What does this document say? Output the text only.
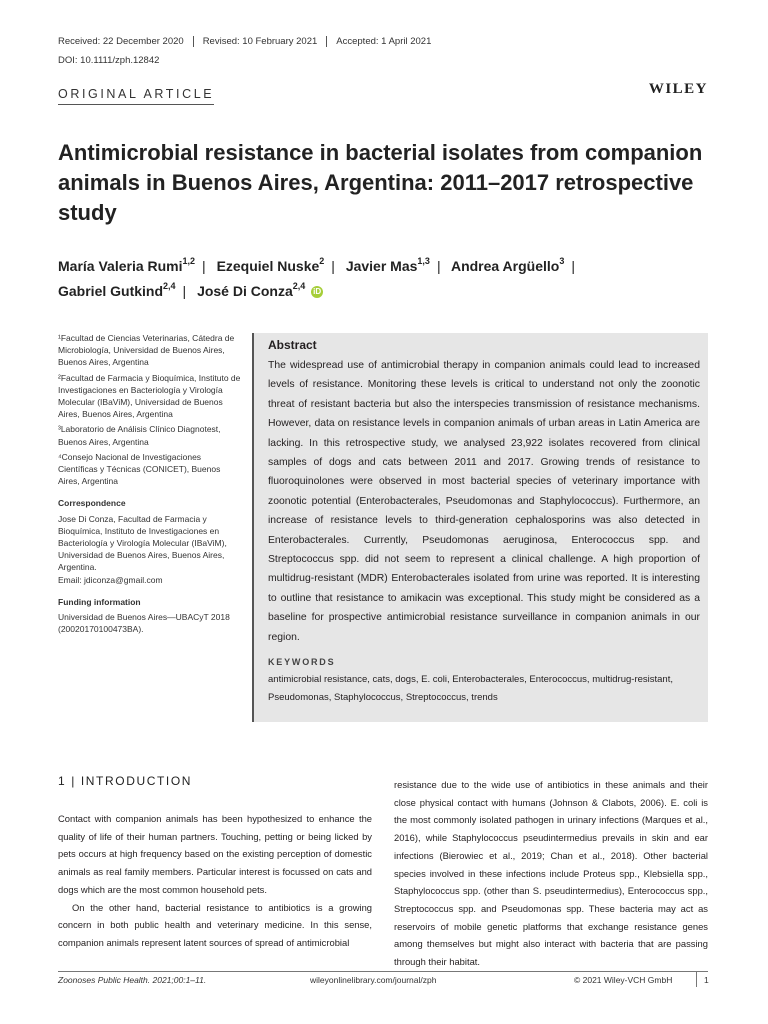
Received: 22 December 2020	Revised: 10 February 2021	Accepted: 1 April 2021
DOI: 10.1111/zph.12842
ORIGINAL ARTICLE	WILEY
Antimicrobial resistance in bacterial isolates from companion animals in Buenos Aires, Argentina: 2011–2017 retrospective study
María Valeria Rumi$^{1,2}$ | Ezequiel Nuske$^2$ | Javier Mas$^{1,3}$ | Andrea Argüello$^3$ |
Gabriel Gutkind$^{2,4}$ | José Di Conza$^{2,4}$ iD

¹Facultad de Ciencias Veterinarias, Cátedra de Microbiología, Universidad de Buenos Aires, Buenos Aires, Argentina

²Facultad de Farmacia y Bioquímica, Instituto de Investigaciones en Bacteriología y Virología Molecular (IBaViM), Universidad de Buenos Aires, Buenos Aires, Argentina

³Laboratorio de Análisis Clínico Diagnotest, Buenos Aires, Argentina

⁴Consejo Nacional de Investigaciones Científicas y Técnicas (CONICET), Buenos Aires, Argentina

Correspondence

Jose Di Conza, Facultad de Farmacia y Bioquímica, Instituto de Investigaciones en Bacteriología y Virología Molecular (IBaViM), Universidad de Buenos Aires, Buenos Aires, Argentina.

Email: jdiconza@gmail.com

Funding information

Universidad de Buenos Aires—UBACyT 2018 (20020170100473BA).

Abstract
The widespread use of antimicrobial therapy in companion animals could lead to increased levels of resistance. Monitoring these levels is critical to understand not only the zoonotic threat of resistant bacteria but also the interspecies transmission of resistance mechanisms. However, data on resistance levels in companion animals of urban areas in Latin America are lacking. In this retrospective study, we analysed 23,922 isolates recovered from clinical samples of dogs and cats between 2011 and 2017. Growing trends of resistance to fluoroquinolones were observed in most bacterial species of veterinary importance with zoonotic potential (Enterobacterales, Pseudomonas and Staphylococcus). Furthermore, an increase of resistance levels to third-generation cephalosporins was also detected in Enterobacterales. Currently, Pseudomonas aeruginosa, Enterococcus spp. and Streptococcus spp. did not seem to represent a clinical challenge. A high proportion of multidrug-resistant (MDR) Enterobacterales isolated from urine was reported. It is interesting to outline that resistance to amikacin was exceptional. This study might be considered as a baseline for prospective antimicrobial resistance surveillance in companion animals in our region.
KEYWORDS
antimicrobial resistance, cats, dogs, E. coli, Enterobacterales, Enterococcus, multidrug-resistant, Pseudomonas, Staphylococcus, Streptococcus, trends
1 | INTRODUCTION

Contact with companion animals has been hypothesized to enhance the quality of life of their human partners. Touching, petting or being licked by pets occurs at high frequency based on the existing perception of domestic animals as real family members. Particular interest is focussed on cats and dogs which are the most common household pets.

On the other hand, bacterial resistance to antibiotics is a growing concern in both public health and veterinary medicine. In this sense, companion animals represent latent sources of spread of antimicrobial

resistance due to the wide use of antibiotics in these animals and their close physical contact with humans (Johnson & Clabots, 2006). E. coli is the most commonly isolated pathogen in urinary infections (Marques et al., 2016), while Staphylococcus pseudintermedius prevails in skin and ear infections (Bierowiec et al., 2019; Chan et al., 2018). Other bacterial species involved in these infections include Proteus spp., Klebsiella spp., Staphylococcus spp. (other than S. pseudintermedius), Enterococcus spp., Streptococcus spp. and Pseudomonas spp. These bacteria may act as reservoirs of mobile genetic platforms that exchange resistance genes among themselves but might also interact with bacteria that are passing through their habitat.

Zoonoses Public Health. 2021;00:1–11.	wileyonlinelibrary.com/journal/zph	© 2021 Wiley-VCH GmbH	1
